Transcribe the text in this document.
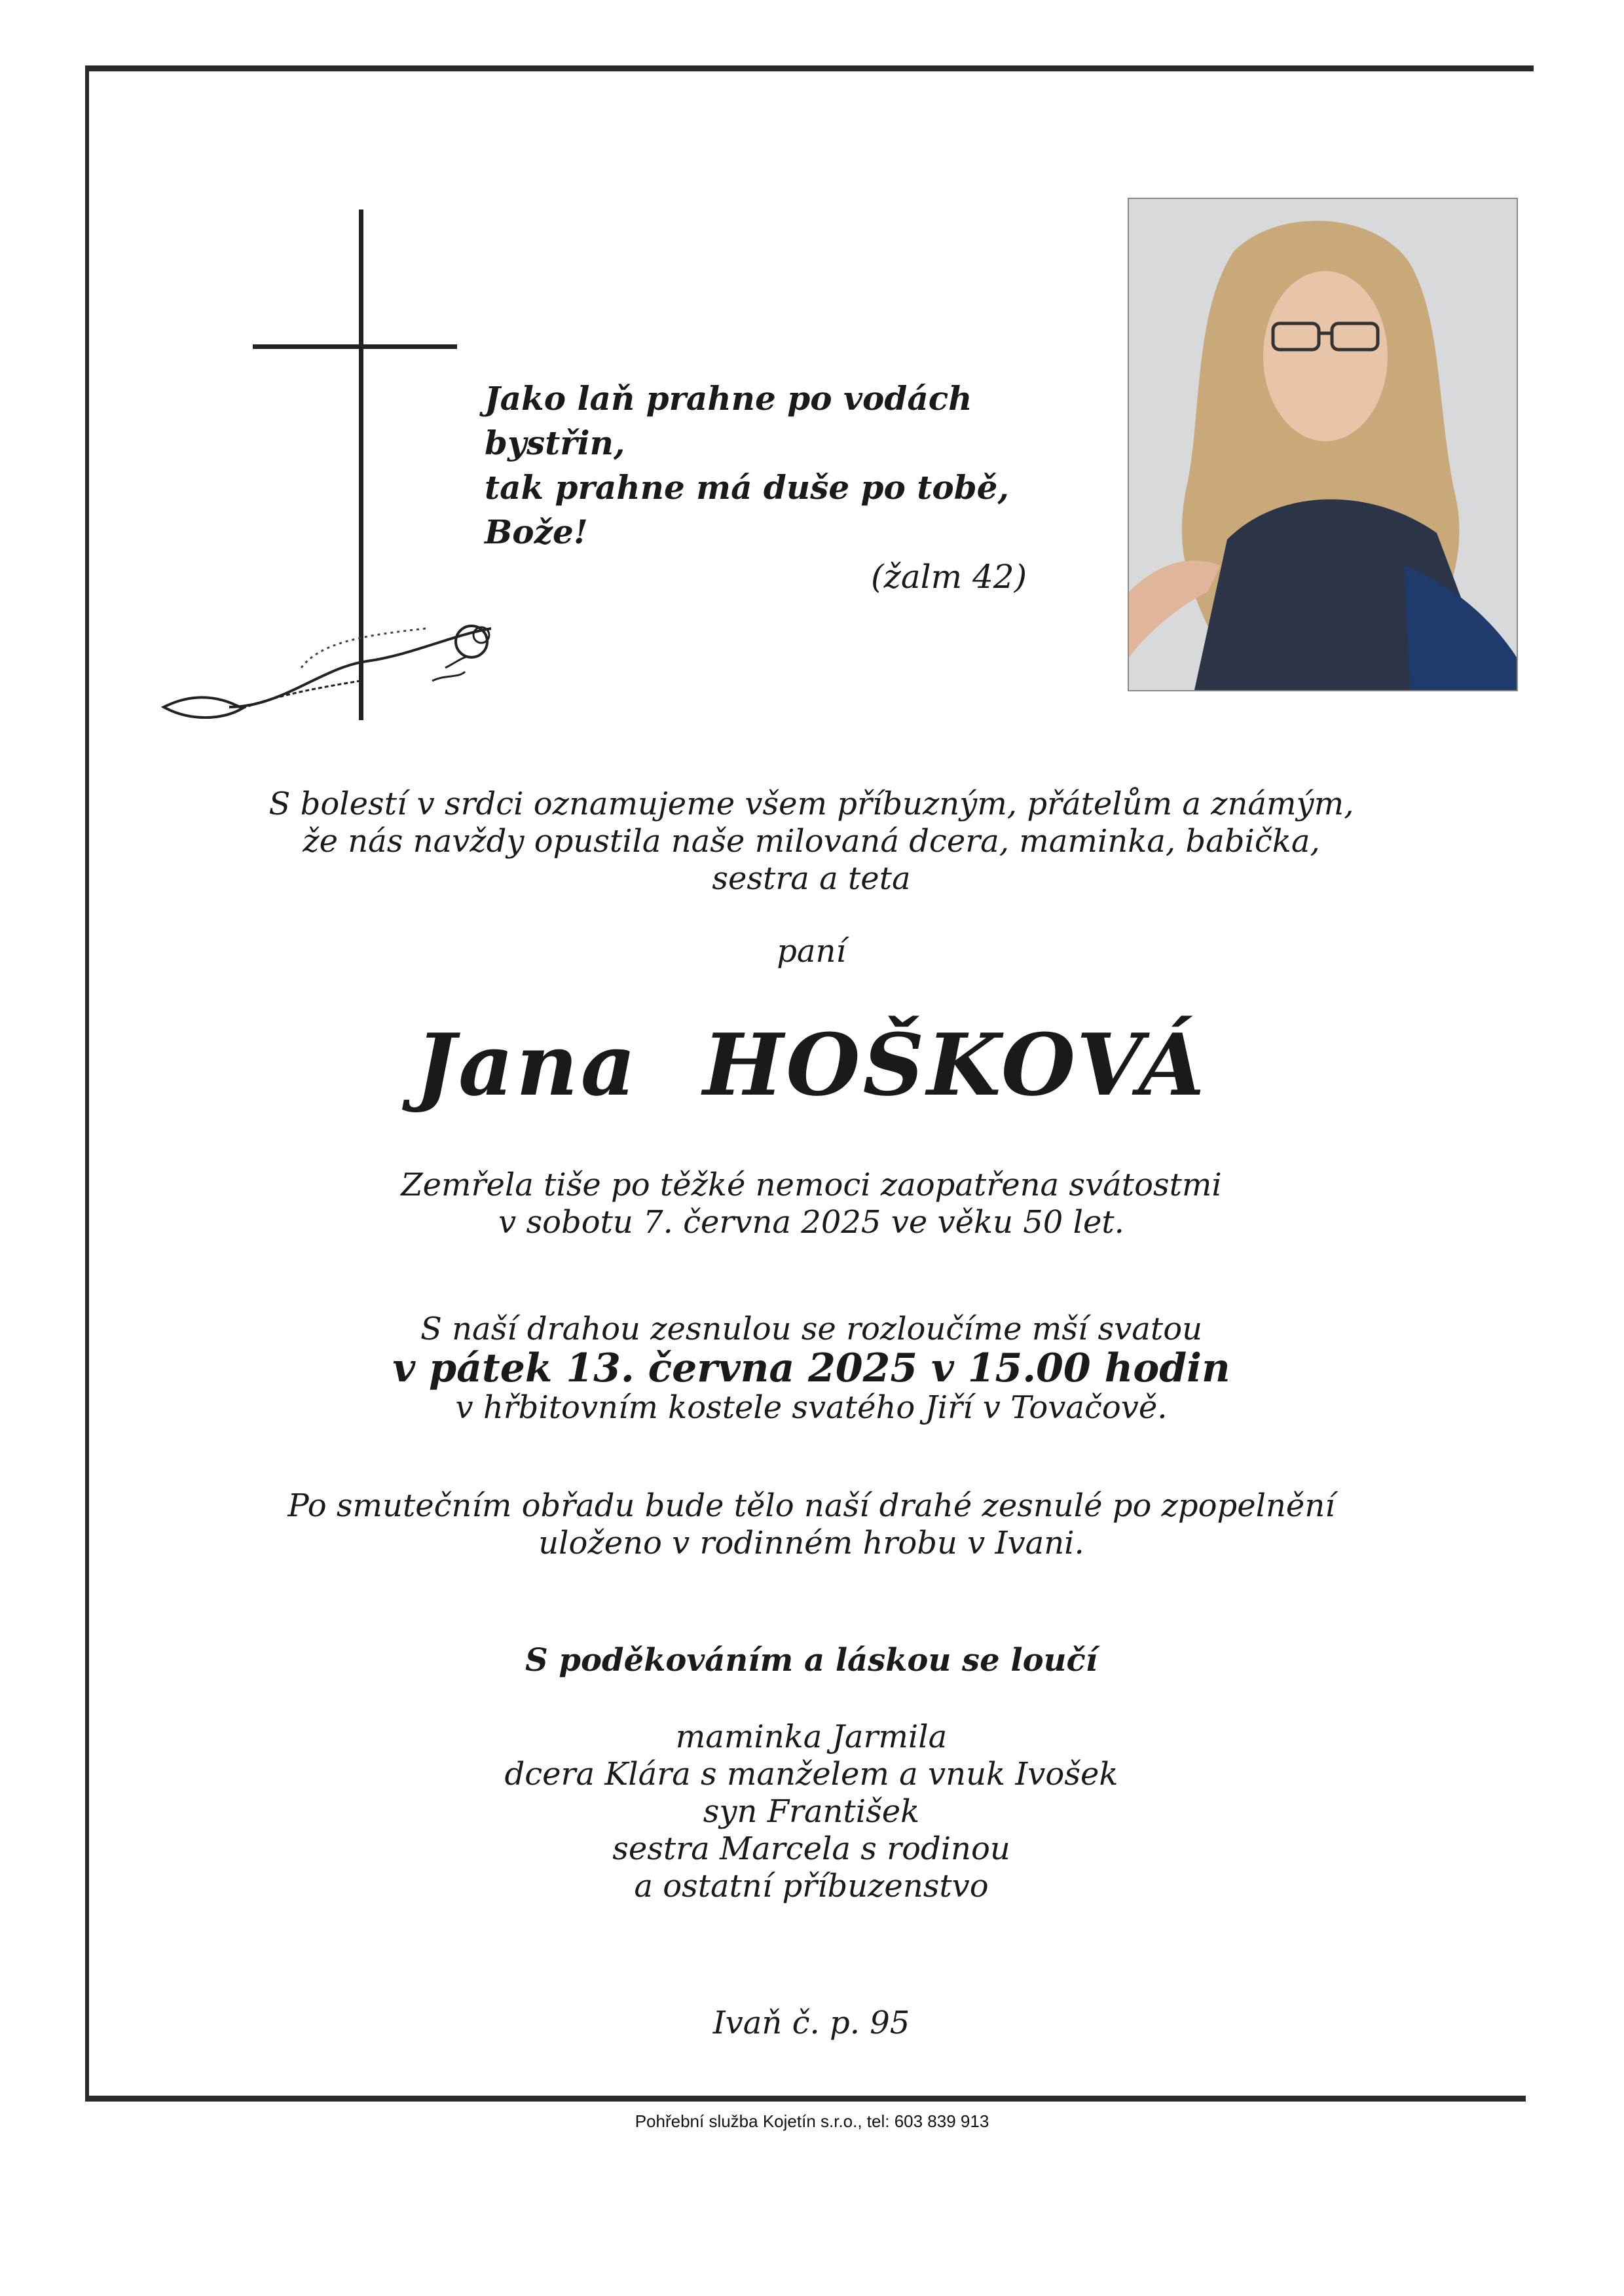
Jako laň prahne po vodách
bystřin,
tak prahne má duše po tobě, Bože!
(žalm 42)
S bolestí v srdci oznamujeme všem příbuzným, přátelům a známým,
že nás navždy opustila naše milovaná dcera, maminka, babička,
sestra a teta
paní
Jana  HOŠKOVÁ
Zemřela tiše po těžké nemoci zaopatřena svátostmi
v sobotu 7. června 2025 ve věku 50 let.
S naší drahou zesnulou se rozloučíme mší svatou
v pátek 13. června 2025 v 15.00 hodin
v hřbitovním kostele svatého Jiří v Tovačově.
Po smutečním obřadu bude tělo naší drahé zesnulé po zpopelnění
uloženo v rodinném hrobu v Ivani.
S poděkováním a láskou se loučí
maminka Jarmila
dcera Klára s manželem a vnuk Ivošek
syn František
sestra Marcela s rodinou
a ostatní příbuzenstvo
Ivaň č. p. 95
Pohřební služba Kojetín s.r.o., tel: 603 839 913
